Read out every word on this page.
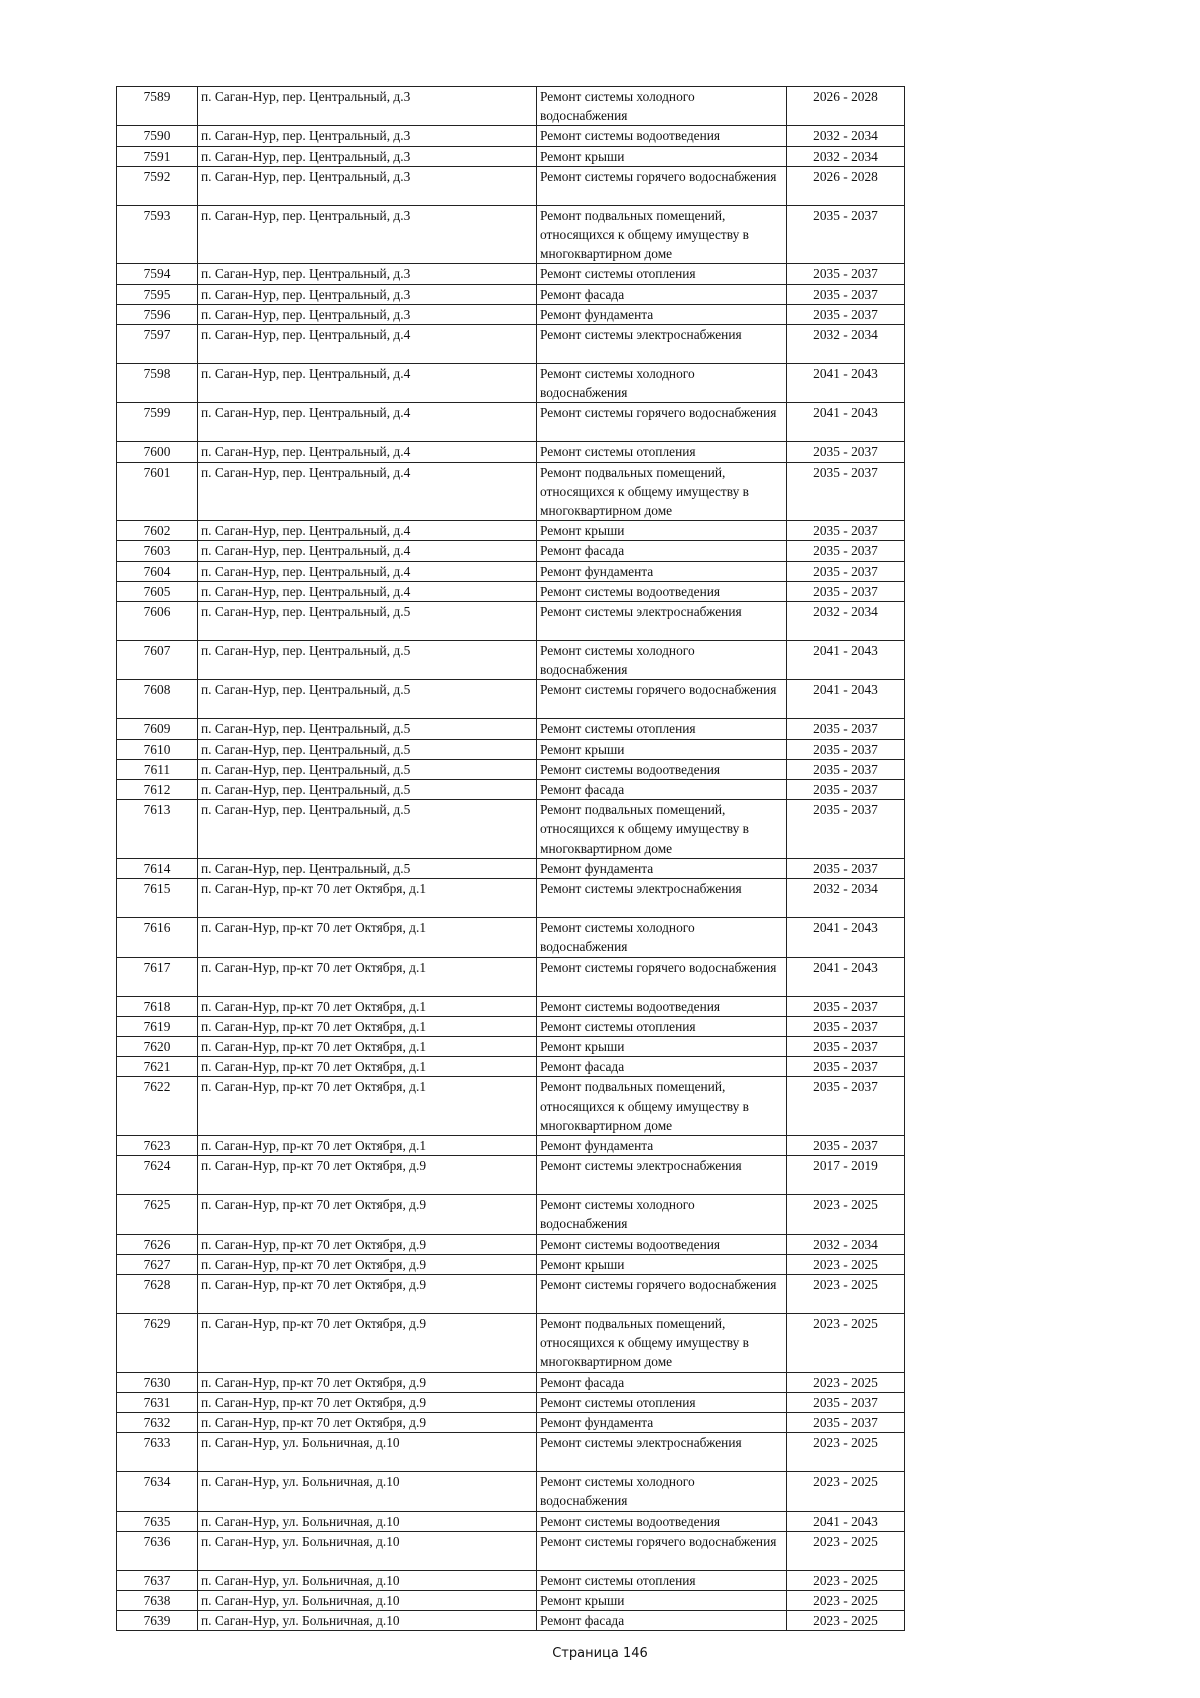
7589	п. Саган-Нур, пер. Центральный, д.3	Ремонт системы холодного водоснабжения	2026 - 2028
7590	п. Саган-Нур, пер. Центральный, д.3	Ремонт системы водоотведения	2032 - 2034
7591	п. Саган-Нур, пер. Центральный, д.3	Ремонт крыши	2032 - 2034
7592	п. Саган-Нур, пер. Центральный, д.3	Ремонт системы горячего водоснабжения	2026 - 2028
7593	п. Саган-Нур, пер. Центральный, д.3	Ремонт подвальных помещений, относящихся к общему имуществу в многоквартирном доме	2035 - 2037
7594	п. Саган-Нур, пер. Центральный, д.3	Ремонт системы отопления	2035 - 2037
7595	п. Саган-Нур, пер. Центральный, д.3	Ремонт фасада	2035 - 2037
7596	п. Саган-Нур, пер. Центральный, д.3	Ремонт фундамента	2035 - 2037
7597	п. Саган-Нур, пер. Центральный, д.4	Ремонт системы электроснабжения	2032 - 2034
7598	п. Саган-Нур, пер. Центральный, д.4	Ремонт системы холодного водоснабжения	2041 - 2043
7599	п. Саган-Нур, пер. Центральный, д.4	Ремонт системы горячего водоснабжения	2041 - 2043
7600	п. Саган-Нур, пер. Центральный, д.4	Ремонт системы отопления	2035 - 2037
7601	п. Саган-Нур, пер. Центральный, д.4	Ремонт подвальных помещений, относящихся к общему имуществу в многоквартирном доме	2035 - 2037
7602	п. Саган-Нур, пер. Центральный, д.4	Ремонт крыши	2035 - 2037
7603	п. Саган-Нур, пер. Центральный, д.4	Ремонт фасада	2035 - 2037
7604	п. Саган-Нур, пер. Центральный, д.4	Ремонт фундамента	2035 - 2037
7605	п. Саган-Нур, пер. Центральный, д.4	Ремонт системы водоотведения	2035 - 2037
7606	п. Саган-Нур, пер. Центральный, д.5	Ремонт системы электроснабжения	2032 - 2034
7607	п. Саган-Нур, пер. Центральный, д.5	Ремонт системы холодного водоснабжения	2041 - 2043
7608	п. Саган-Нур, пер. Центральный, д.5	Ремонт системы горячего водоснабжения	2041 - 2043
7609	п. Саган-Нур, пер. Центральный, д.5	Ремонт системы отопления	2035 - 2037
7610	п. Саган-Нур, пер. Центральный, д.5	Ремонт крыши	2035 - 2037
7611	п. Саган-Нур, пер. Центральный, д.5	Ремонт системы водоотведения	2035 - 2037
7612	п. Саган-Нур, пер. Центральный, д.5	Ремонт фасада	2035 - 2037
7613	п. Саган-Нур, пер. Центральный, д.5	Ремонт подвальных помещений, относящихся к общему имуществу в многоквартирном доме	2035 - 2037
7614	п. Саган-Нур, пер. Центральный, д.5	Ремонт фундамента	2035 - 2037
7615	п. Саган-Нур, пр-кт 70 лет Октября, д.1	Ремонт системы электроснабжения	2032 - 2034
7616	п. Саган-Нур, пр-кт 70 лет Октября, д.1	Ремонт системы холодного водоснабжения	2041 - 2043
7617	п. Саган-Нур, пр-кт 70 лет Октября, д.1	Ремонт системы горячего водоснабжения	2041 - 2043
7618	п. Саган-Нур, пр-кт 70 лет Октября, д.1	Ремонт системы водоотведения	2035 - 2037
7619	п. Саган-Нур, пр-кт 70 лет Октября, д.1	Ремонт системы отопления	2035 - 2037
7620	п. Саган-Нур, пр-кт 70 лет Октября, д.1	Ремонт крыши	2035 - 2037
7621	п. Саган-Нур, пр-кт 70 лет Октября, д.1	Ремонт фасада	2035 - 2037
7622	п. Саган-Нур, пр-кт 70 лет Октября, д.1	Ремонт подвальных помещений, относящихся к общему имуществу в многоквартирном доме	2035 - 2037
7623	п. Саган-Нур, пр-кт 70 лет Октября, д.1	Ремонт фундамента	2035 - 2037
7624	п. Саган-Нур, пр-кт 70 лет Октября, д.9	Ремонт системы электроснабжения	2017 - 2019
7625	п. Саган-Нур, пр-кт 70 лет Октября, д.9	Ремонт системы холодного водоснабжения	2023 - 2025
7626	п. Саган-Нур, пр-кт 70 лет Октября, д.9	Ремонт системы водоотведения	2032 - 2034
7627	п. Саган-Нур, пр-кт 70 лет Октября, д.9	Ремонт крыши	2023 - 2025
7628	п. Саган-Нур, пр-кт 70 лет Октября, д.9	Ремонт системы горячего водоснабжения	2023 - 2025
7629	п. Саган-Нур, пр-кт 70 лет Октября, д.9	Ремонт подвальных помещений, относящихся к общему имуществу в многоквартирном доме	2023 - 2025
7630	п. Саган-Нур, пр-кт 70 лет Октября, д.9	Ремонт фасада	2023 - 2025
7631	п. Саган-Нур, пр-кт 70 лет Октября, д.9	Ремонт системы отопления	2035 - 2037
7632	п. Саган-Нур, пр-кт 70 лет Октября, д.9	Ремонт фундамента	2035 - 2037
7633	п. Саган-Нур, ул. Больничная, д.10	Ремонт системы электроснабжения	2023 - 2025
7634	п. Саган-Нур, ул. Больничная, д.10	Ремонт системы холодного водоснабжения	2023 - 2025
7635	п. Саган-Нур, ул. Больничная, д.10	Ремонт системы водоотведения	2041 - 2043
7636	п. Саган-Нур, ул. Больничная, д.10	Ремонт системы горячего водоснабжения	2023 - 2025
7637	п. Саган-Нур, ул. Больничная, д.10	Ремонт системы отопления	2023 - 2025
7638	п. Саган-Нур, ул. Больничная, д.10	Ремонт крыши	2023 - 2025
7639	п. Саган-Нур, ул. Больничная, д.10	Ремонт фасада	2023 - 2025
Страница 146
